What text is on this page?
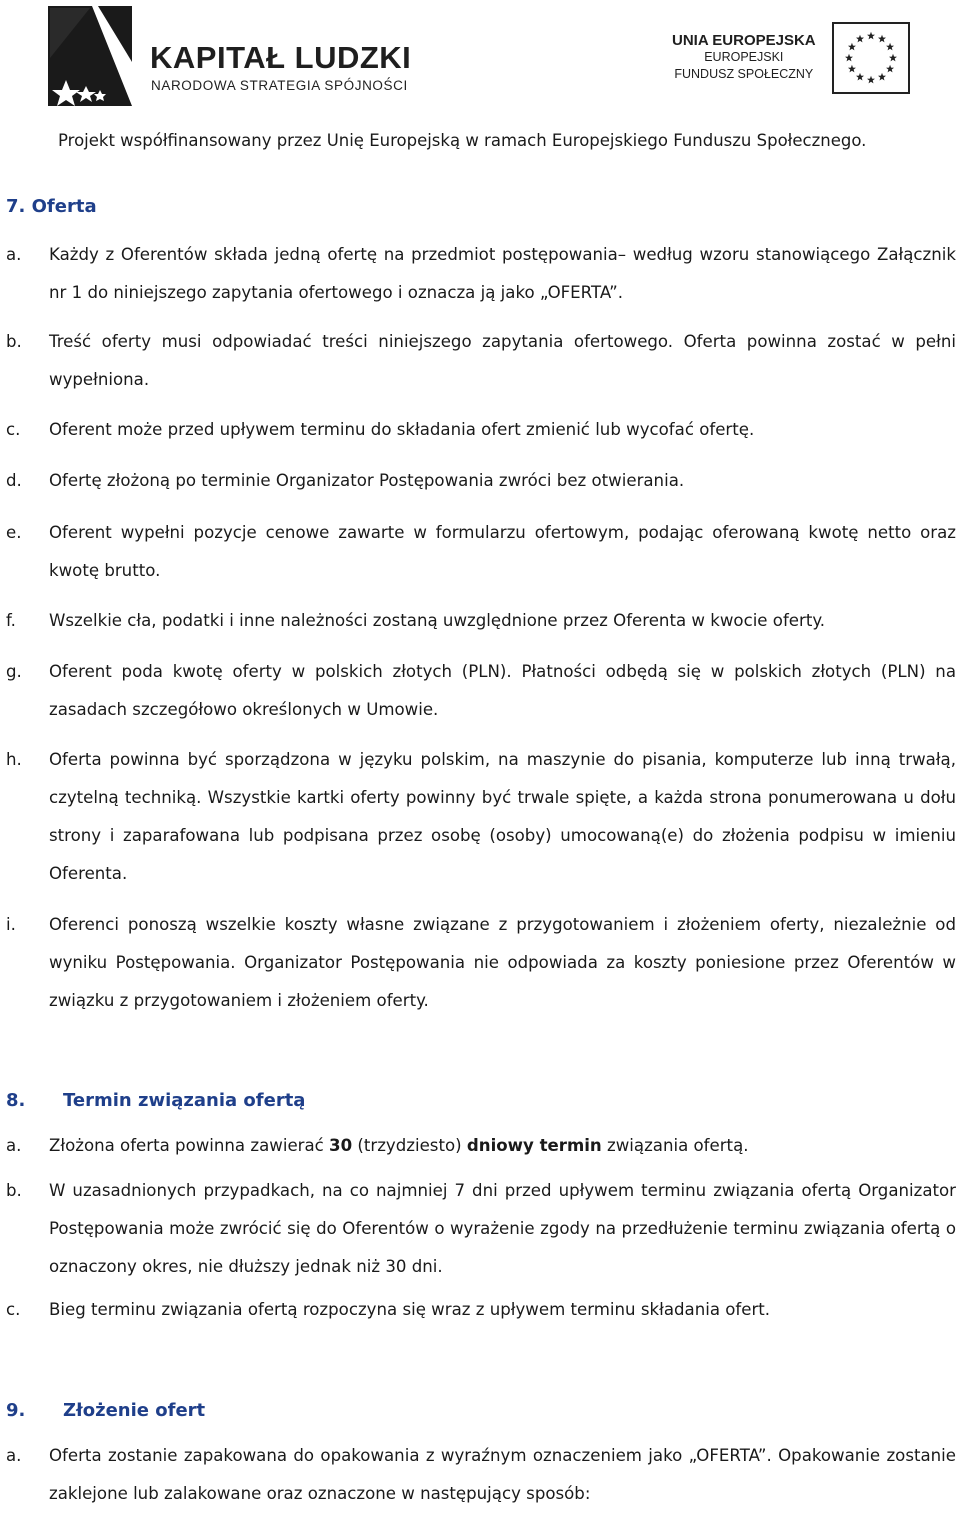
KAPITAŁ LUDZKI
NARODOWA STRATEGIA SPÓJNOŚCI
UNIA EUROPEJSKA
EUROPEJSKI
FUNDUSZ SPOŁECZNY
Projekt współfinansowany przez Unię Europejską w ramach Europejskiego Funduszu Społecznego.
7. Oferta
a. Każdy z Oferentów składa jedną ofertę na przedmiot postępowania– według wzoru stanowiącego Załącznik nr 1 do niniejszego zapytania ofertowego i oznacza ją jako „OFERTA”.
b. Treść oferty musi odpowiadać treści niniejszego zapytania ofertowego. Oferta powinna zostać w pełni wypełniona.
c. Oferent może przed upływem terminu do składania ofert zmienić lub wycofać ofertę.
d. Ofertę złożoną po terminie Organizator Postępowania zwróci bez otwierania.
e. Oferent wypełni pozycje cenowe zawarte w formularzu ofertowym, podając oferowaną kwotę netto oraz kwotę brutto.
f. Wszelkie cła, podatki i inne należności zostaną uwzględnione przez Oferenta w kwocie oferty.
g. Oferent poda kwotę oferty w polskich złotych (PLN). Płatności odbędą się w polskich złotych (PLN) na zasadach szczegółowo określonych w Umowie.
h. Oferta powinna być sporządzona w języku polskim, na maszynie do pisania, komputerze lub inną trwałą, czytelną techniką. Wszystkie kartki oferty powinny być trwale spięte, a każda strona ponumerowana u dołu strony i zaparafowana lub podpisana przez osobę (osoby) umocowaną(e) do złożenia podpisu w imieniu Oferenta.
i. Oferenci ponoszą wszelkie koszty własne związane z przygotowaniem i złożeniem oferty, niezależnie od wyniku Postępowania. Organizator Postępowania nie odpowiada za koszty poniesione przez Oferentów w związku z przygotowaniem i złożeniem oferty.
8. Termin związania ofertą
a. Złożona oferta powinna zawierać 30 (trzydziesto) dniowy termin związania ofertą.
b. W uzasadnionych przypadkach, na co najmniej 7 dni przed upływem terminu związania ofertą Organizator Postępowania może zwrócić się do Oferentów o wyrażenie zgody na przedłużenie terminu związania ofertą o oznaczony okres, nie dłuższy jednak niż 30 dni.
c. Bieg terminu związania ofertą rozpoczyna się wraz z upływem terminu składania ofert.
9. Złożenie ofert
a. Oferta zostanie zapakowana do opakowania z wyraźnym oznaczeniem jako „OFERTA”. Opakowanie zostanie zaklejone lub zalakowane oraz oznaczone w następujący sposób:
